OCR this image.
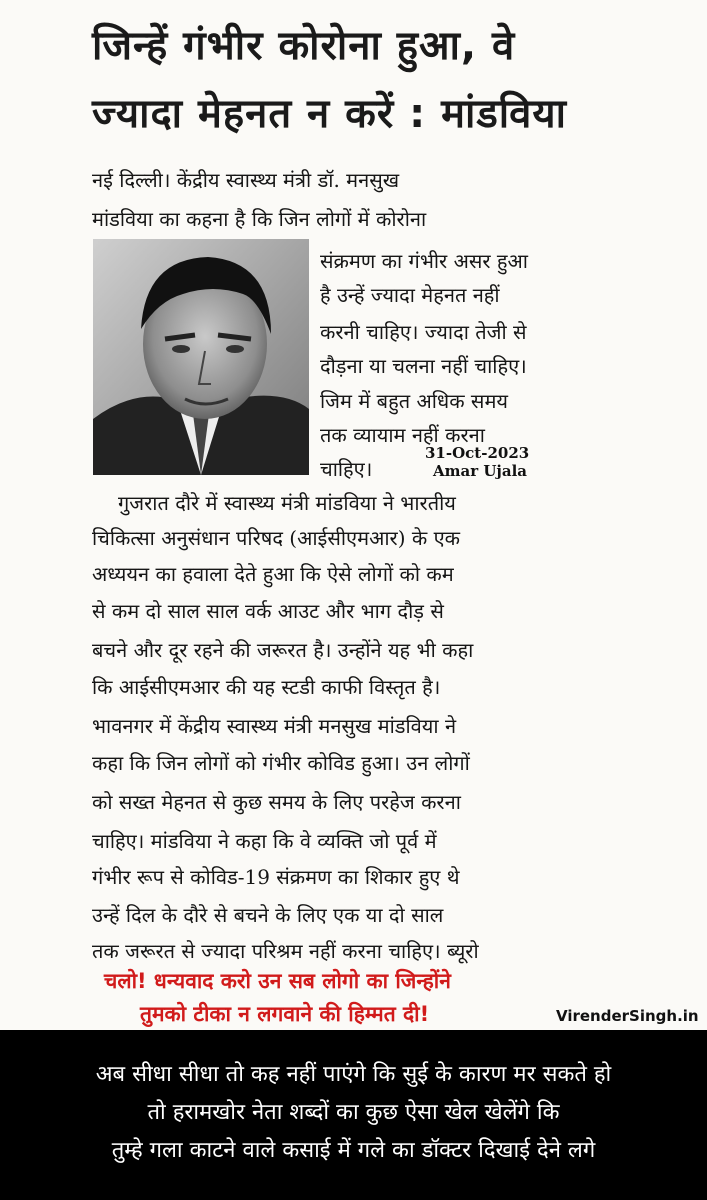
जिन्हें गंभीर कोरोना हुआ, वे
ज्यादा मेहनत न करें : मांडविया
नई दिल्ली। केंद्रीय स्वास्थ्य मंत्री डॉ. मनसुख
मांडविया का कहना है कि जिन लोगों में कोरोना
संक्रमण का गंभीर असर हुआ
है उन्हें ज्यादा मेहनत नहीं
करनी चाहिए। ज्यादा तेजी से
दौड़ना या चलना नहीं चाहिए।
जिम में बहुत अधिक समय
तक व्यायाम नहीं करना
चाहिए।
गुजरात दौरे में स्वास्थ्य मंत्री मांडविया ने भारतीय
चिकित्सा अनुसंधान परिषद (आईसीएमआर) के एक
अध्ययन का हवाला देते हुआ कि ऐसे लोगों को कम
से कम दो साल साल वर्क आउट और भाग दौड़ से
बचने और दूर रहने की जरूरत है। उन्होंने यह भी कहा
कि आईसीएमआर की यह स्टडी काफी विस्तृत है।
भावनगर में केंद्रीय स्वास्थ्य मंत्री मनसुख मांडविया ने
कहा कि जिन लोगों को गंभीर कोविड हुआ। उन लोगों
को सख्त मेहनत से कुछ समय के लिए परहेज करना
चाहिए। मांडविया ने कहा कि वे व्यक्ति जो पूर्व में
गंभीर रूप से कोविड-19 संक्रमण का शिकार हुए थे
उन्हें दिल के दौरे से बचने के लिए एक या दो साल
तक जरूरत से ज्यादा परिश्रम नहीं करना चाहिए। ब्यूरो
31-Oct-2023
Amar Ujala
चलो! धन्यवाद करो उन सब लोगो का जिन्होंने
तुमको टीका न लगवाने की हिम्मत दी!	VirenderSingh.in
अब सीधा सीधा तो कह नहीं पाएंगे कि सुई के कारण मर सकते हो
तो हरामखोर नेता शब्दों का कुछ ऐसा खेल खेलेंगे कि
तुम्हे गला काटने वाले कसाई में गले का डॉक्टर दिखाई देने लगे
